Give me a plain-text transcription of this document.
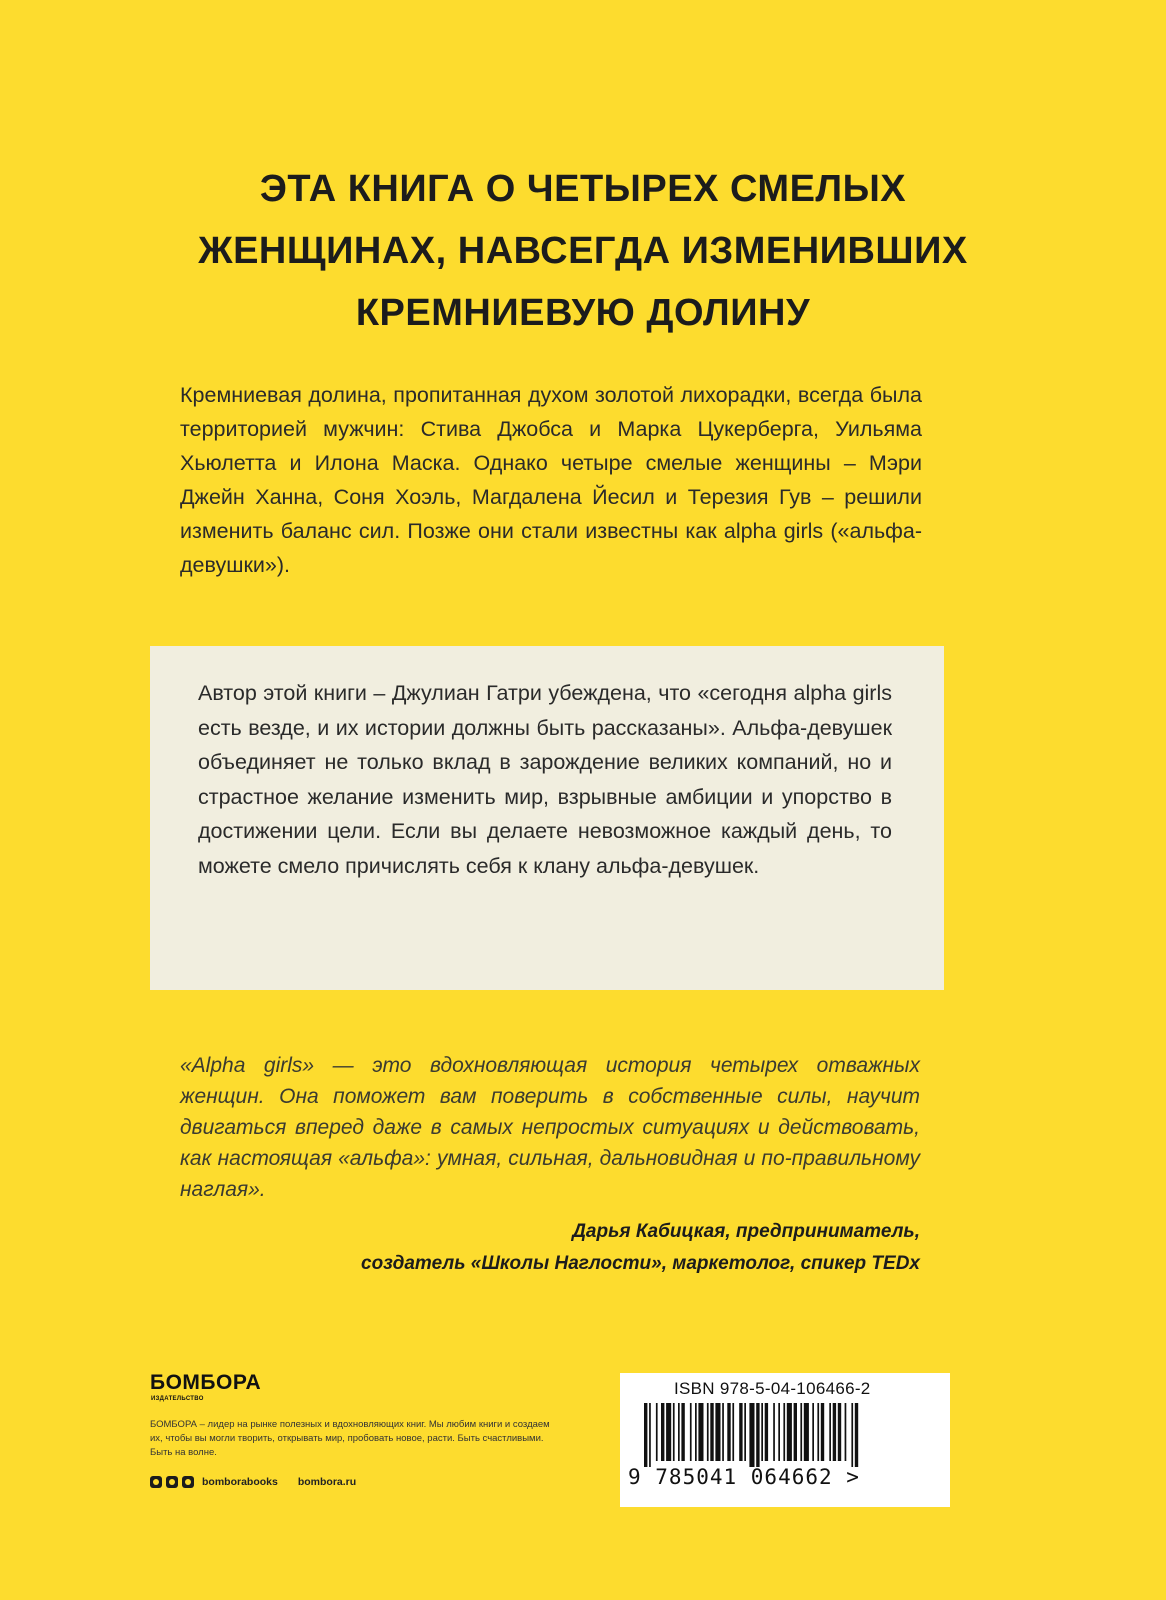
ЭТА КНИГА О ЧЕТЫРЕХ СМЕЛЫХ
ЖЕНЩИНАХ, НАВСЕГДА ИЗМЕНИВШИХ
КРЕМНИЕВУЮ ДОЛИНУ
Кремниевая долина, пропитанная духом золотой лихорадки, всегда была территорией мужчин: Стива Джобса и Марка Цукерберга, Уильяма Хьюлетта и Илона Маска. Однако четыре смелые женщины – Мэри Джейн Ханна, Соня Хоэль, Магдалена Йесил и Терезия Гув – решили изменить баланс сил. Позже они стали известны как alpha girls («альфа-девушки»).
Автор этой книги – Джулиан Гатри убеждена, что «сегодня alpha girls есть везде, и их истории должны быть рассказаны». Альфа-девушек объединяет не только вклад в зарождение великих компаний, но и страстное желание изменить мир, взрывные амбиции и упорство в достижении цели. Если вы делаете невозможное каждый день, то можете смело причислять себя к клану альфа-девушек.
«Alpha girls» — это вдохновляющая история четырех отважных женщин. Она поможет вам поверить в собственные силы, научит двигаться вперед даже в самых непростых ситуациях и действовать, как настоящая «альфа»: умная, сильная, дальновидная и по-правильному наглая».
Дарья Кабицкая, предприниматель,
создатель «Школы Наглости», маркетолог, спикер TEDx
БОМБОРА
ИЗДАТЕЛЬСТВО
БОМБОРА – лидер на рынке полезных и вдохновляющих книг. Мы любим книги и создаем их, чтобы вы могли творить, открывать мир, пробовать новое, расти. Быть счастливыми. Быть на волне.
bomborabooks bombora.ru
ISBN 978-5-04-106466-2
9 785041 064662 >
